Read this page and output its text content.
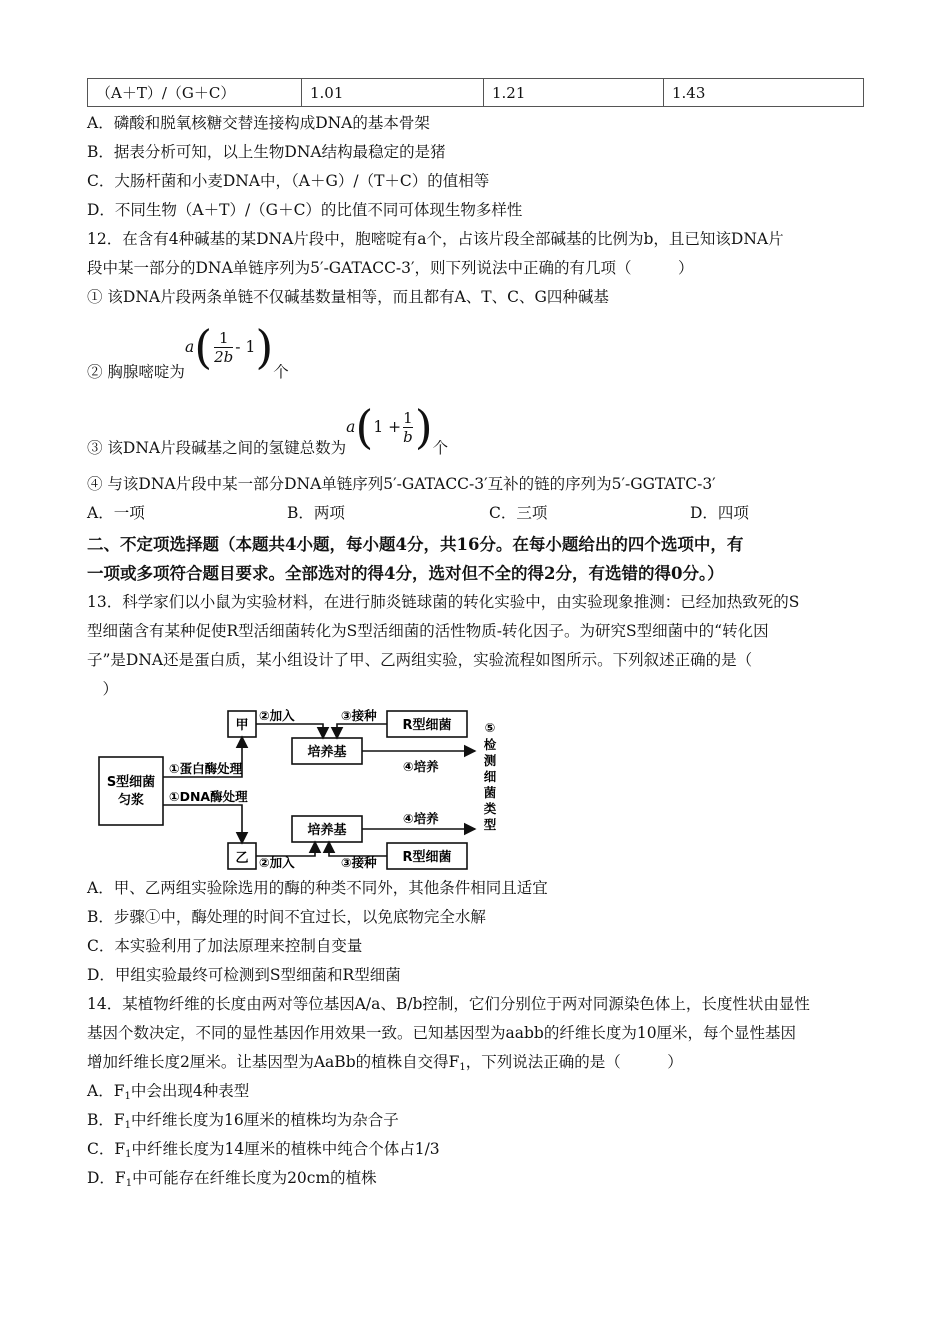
（A＋T）/（G＋C）	1.01	1.21	1.43
A．磷酸和脱氧核糖交替连接构成DNA的基本骨架
B．据表分析可知，以上生物DNA结构最稳定的是猪
C．大肠杆菌和小麦DNA中，（A＋G）/（T＋C）的值相等
D．不同生物（A＋T）/（G＋C）的比值不同可体现生物多样性
12．在含有4种碱基的某DNA片段中，胞嘧啶有a个，占该片段全部碱基的比例为b，且已知该DNA片
段中某一部分的DNA单链序列为5′-GATACC-3′，则下列说法中正确的有几项（　　　）
① 该DNA片段两条单链不仅碱基数量相等，而且都有A、T、C、G四种碱基
② 胸腺嘧啶为
a ( 1
2b
- 1 ) 个
③ 该DNA片段碱基之间的氢键总数为
a ( 1 +
1
b ) 个
④ 与该DNA片段中某一部分DNA单链序列5′-GATACC-3′互补的链的序列为5′-GGTATC-3′
A．一项	B．两项	C．三项	D．四项
二、不定项选择题（本题共4小题，每小题4分，共16分。在每小题给出的四个选项中，有
一项或多项符合题目要求。全部选对的得4分，选对但不全的得2分，有选错的得0分。）
13．科学家们以小鼠为实验材料，在进行肺炎链球菌的转化实验中，由实验现象推测：已经加热致死的S
型细菌含有某种促使R型活细菌转化为S型活细菌的活性物质-转化因子。为研究S型细菌中的“转化因
子”是DNA还是蛋白质，某小组设计了甲、乙两组实验，实验流程如图所示。下列叙述正确的是（
　）
S型细菌
匀浆
①蛋白酶处理
①DNA酶处理
甲
乙
②加入
②加入
③接种
③接种
培养基
培养基
R型细菌
R型细菌
④培养
④培养
⑤
检
测
细
菌
类
型
A．甲、乙两组实验除选用的酶的种类不同外，其他条件相同且适宜
B．步骤①中，酶处理的时间不宜过长，以免底物完全水解
C．本实验利用了加法原理来控制自变量
D．甲组实验最终可检测到S型细菌和R型细菌
14．某植物纤维的长度由两对等位基因A/a、B/b控制，它们分别位于两对同源染色体上，长度性状由显性
基因个数决定，不同的显性基因作用效果一致。已知基因型为aabb的纤维长度为10厘米，每个显性基因
增加纤维长度2厘米。让基因型为AaBb的植株自交得$F_1$，下列说法正确的是（　　　）
A．$F_1$中会出现4种表型
B．$F_1$中纤维长度为16厘米的植株均为杂合子
C．$F_1$中纤维长度为14厘米的植株中纯合个体占1/3
D．$F_1$中可能存在纤维长度为20cm的植株
